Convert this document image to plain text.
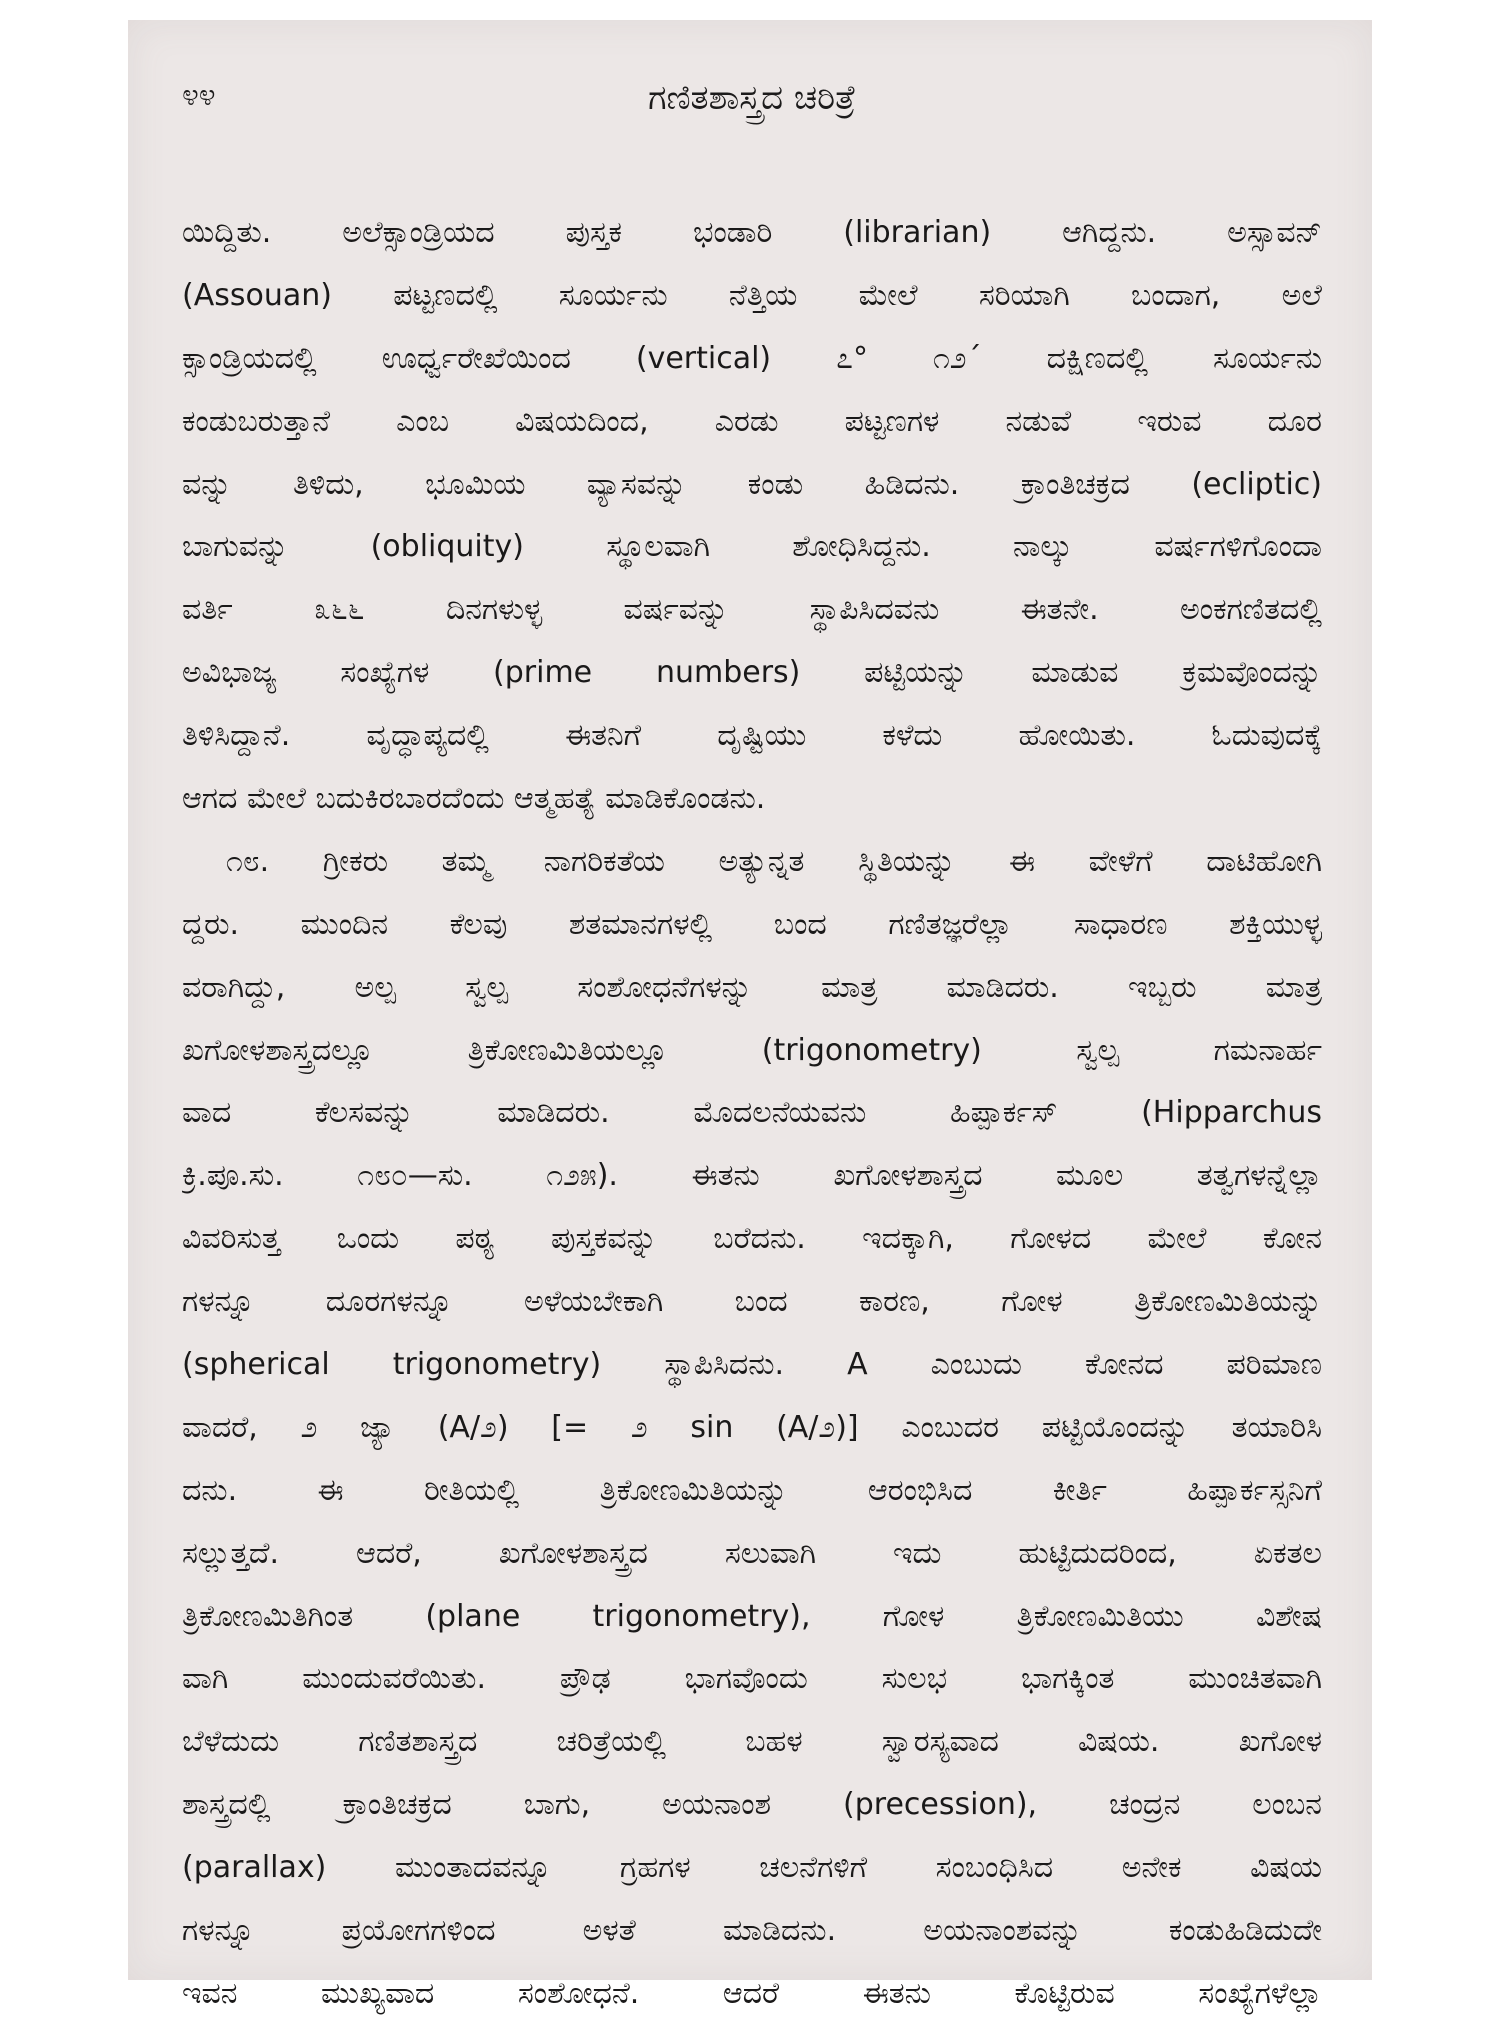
೪೪	ಗಣಿತಶಾಸ್ತ್ರದ ಚರಿತ್ರೆ
ಯಿದ್ದಿತು. ಅಲೆಕ್ಸಾಂಡ್ರಿಯದ ಪುಸ್ತಕ ಭಂಡಾರಿ (librarian) ಆಗಿದ್ದನು. ಅಸ್ಸಾವನ್
(Assouan) ಪಟ್ಟಣದಲ್ಲಿ ಸೂರ್ಯನು ನೆತ್ತಿಯ ಮೇಲೆ ಸರಿಯಾಗಿ ಬಂದಾಗ, ಅಲೆ
ಕ್ಸಾಂಡ್ರಿಯದಲ್ಲಿ ಊರ್ಧ್ವರೇಖೆಯಿಂದ (vertical) ೭° ೧೨´ ದಕ್ಷಿಣದಲ್ಲಿ ಸೂರ್ಯನು
ಕಂಡುಬರುತ್ತಾನೆ ಎಂಬ ವಿಷಯದಿಂದ, ಎರಡು ಪಟ್ಟಣಗಳ ನಡುವೆ ಇರುವ ದೂರ
ವನ್ನು ತಿಳಿದು, ಭೂಮಿಯ ವ್ಯಾಸವನ್ನು ಕಂಡು ಹಿಡಿದನು. ಕ್ರಾಂತಿಚಕ್ರದ (ecliptic)
ಬಾಗುವನ್ನು (obliquity) ಸ್ಥೂಲವಾಗಿ ಶೋಧಿಸಿದ್ದನು. ನಾಲ್ಕು ವರ್ಷಗಳಿಗೊಂದಾ
ವರ್ತಿ ೩೬೬ ದಿನಗಳುಳ್ಳ ವರ್ಷವನ್ನು ಸ್ಥಾಪಿಸಿದವನು ಈತನೇ. ಅಂಕಗಣಿತದಲ್ಲಿ
ಅವಿಭಾಜ್ಯ ಸಂಖ್ಯೆಗಳ (prime numbers) ಪಟ್ಟಿಯನ್ನು ಮಾಡುವ ಕ್ರಮವೊಂದನ್ನು
ತಿಳಿಸಿದ್ದಾನೆ. ವೃದ್ಧಾಪ್ಯದಲ್ಲಿ ಈತನಿಗೆ ದೃಷ್ಟಿಯು ಕಳೆದು ಹೋಯಿತು. ಓದುವುದಕ್ಕೆ
ಆಗದ ಮೇಲೆ ಬದುಕಿರಬಾರದೆಂದು ಆತ್ಮಹತ್ಯೆ ಮಾಡಿಕೊಂಡನು.
೧೮. ಗ್ರೀಕರು ತಮ್ಮ ನಾಗರಿಕತೆಯ ಅತ್ಯುನ್ನತ ಸ್ಥಿತಿಯನ್ನು ಈ ವೇಳೆಗೆ ದಾಟಿಹೋಗಿ
ದ್ದರು. ಮುಂದಿನ ಕೆಲವು ಶತಮಾನಗಳಲ್ಲಿ ಬಂದ ಗಣಿತಜ್ಞರೆಲ್ಲಾ ಸಾಧಾರಣ ಶಕ್ತಿಯುಳ್ಳ
ವರಾಗಿದ್ದು, ಅಲ್ಪ ಸ್ವಲ್ಪ ಸಂಶೋಧನೆಗಳನ್ನು ಮಾತ್ರ ಮಾಡಿದರು. ಇಬ್ಬರು ಮಾತ್ರ
ಖಗೋಳಶಾಸ್ತ್ರದಲ್ಲೂ ತ್ರಿಕೋಣಮಿತಿಯಲ್ಲೂ (trigonometry) ಸ್ವಲ್ಪ ಗಮನಾರ್ಹ
ವಾದ ಕೆಲಸವನ್ನು ಮಾಡಿದರು. ಮೊದಲನೆಯವನು ಹಿಪ್ಪಾರ್ಕಸ್ (Hipparchus
ಕ್ರಿ.ಪೂ.ಸು. ೧೮೦—ಸು. ೧೨೫). ಈತನು ಖಗೋಳಶಾಸ್ತ್ರದ ಮೂಲ ತತ್ವಗಳನ್ನೆಲ್ಲಾ
ವಿವರಿಸುತ್ತ ಒಂದು ಪಠ್ಯ ಪುಸ್ತಕವನ್ನು ಬರೆದನು. ಇದಕ್ಕಾಗಿ, ಗೋಳದ ಮೇಲೆ ಕೋನ
ಗಳನ್ನೂ ದೂರಗಳನ್ನೂ ಅಳೆಯಬೇಕಾಗಿ ಬಂದ ಕಾರಣ, ಗೋಳ ತ್ರಿಕೋಣಮಿತಿಯನ್ನು
(spherical trigonometry) ಸ್ಥಾಪಿಸಿದನು. A ಎಂಬುದು ಕೋನದ ಪರಿಮಾಣ
ವಾದರೆ, ೨ ಜ್ಯಾ (A/೨) [= ೨ sin (A/೨)] ಎಂಬುದರ ಪಟ್ಟಿಯೊಂದನ್ನು ತಯಾರಿಸಿ
ದನು. ಈ ರೀತಿಯಲ್ಲಿ ತ್ರಿಕೋಣಮಿತಿಯನ್ನು ಆರಂಭಿಸಿದ ಕೀರ್ತಿ ಹಿಪ್ಪಾರ್ಕಸ್ಸನಿಗೆ
ಸಲ್ಲುತ್ತದೆ. ಆದರೆ, ಖಗೋಳಶಾಸ್ತ್ರದ ಸಲುವಾಗಿ ಇದು ಹುಟ್ಟಿದುದರಿಂದ, ಏಕತಲ
ತ್ರಿಕೋಣಮಿತಿಗಿಂತ (plane trigonometry), ಗೋಳ ತ್ರಿಕೋಣಮಿತಿಯು ವಿಶೇಷ
ವಾಗಿ ಮುಂದುವರೆಯಿತು. ಪ್ರೌಢ ಭಾಗವೊಂದು ಸುಲಭ ಭಾಗಕ್ಕಿಂತ ಮುಂಚಿತವಾಗಿ
ಬೆಳೆದುದು ಗಣಿತಶಾಸ್ತ್ರದ ಚರಿತ್ರೆಯಲ್ಲಿ ಬಹಳ ಸ್ವಾರಸ್ಯವಾದ ವಿಷಯ. ಖಗೋಳ
ಶಾಸ್ತ್ರದಲ್ಲಿ ಕ್ರಾಂತಿಚಕ್ರದ ಬಾಗು, ಅಯನಾಂಶ (precession), ಚಂದ್ರನ ಲಂಬನ
(parallax) ಮುಂತಾದವನ್ನೂ ಗ್ರಹಗಳ ಚಲನೆಗಳಿಗೆ ಸಂಬಂಧಿಸಿದ ಅನೇಕ ವಿಷಯ
ಗಳನ್ನೂ ಪ್ರಯೋಗಗಳಿಂದ ಅಳತೆ ಮಾಡಿದನು. ಅಯನಾಂಶವನ್ನು ಕಂಡುಹಿಡಿದುದೇ
ಇವನ ಮುಖ್ಯವಾದ ಸಂಶೋಧನೆ. ಆದರೆ ಈತನು ಕೊಟ್ಟಿರುವ ಸಂಖ್ಯೆಗಳೆಲ್ಲಾ
